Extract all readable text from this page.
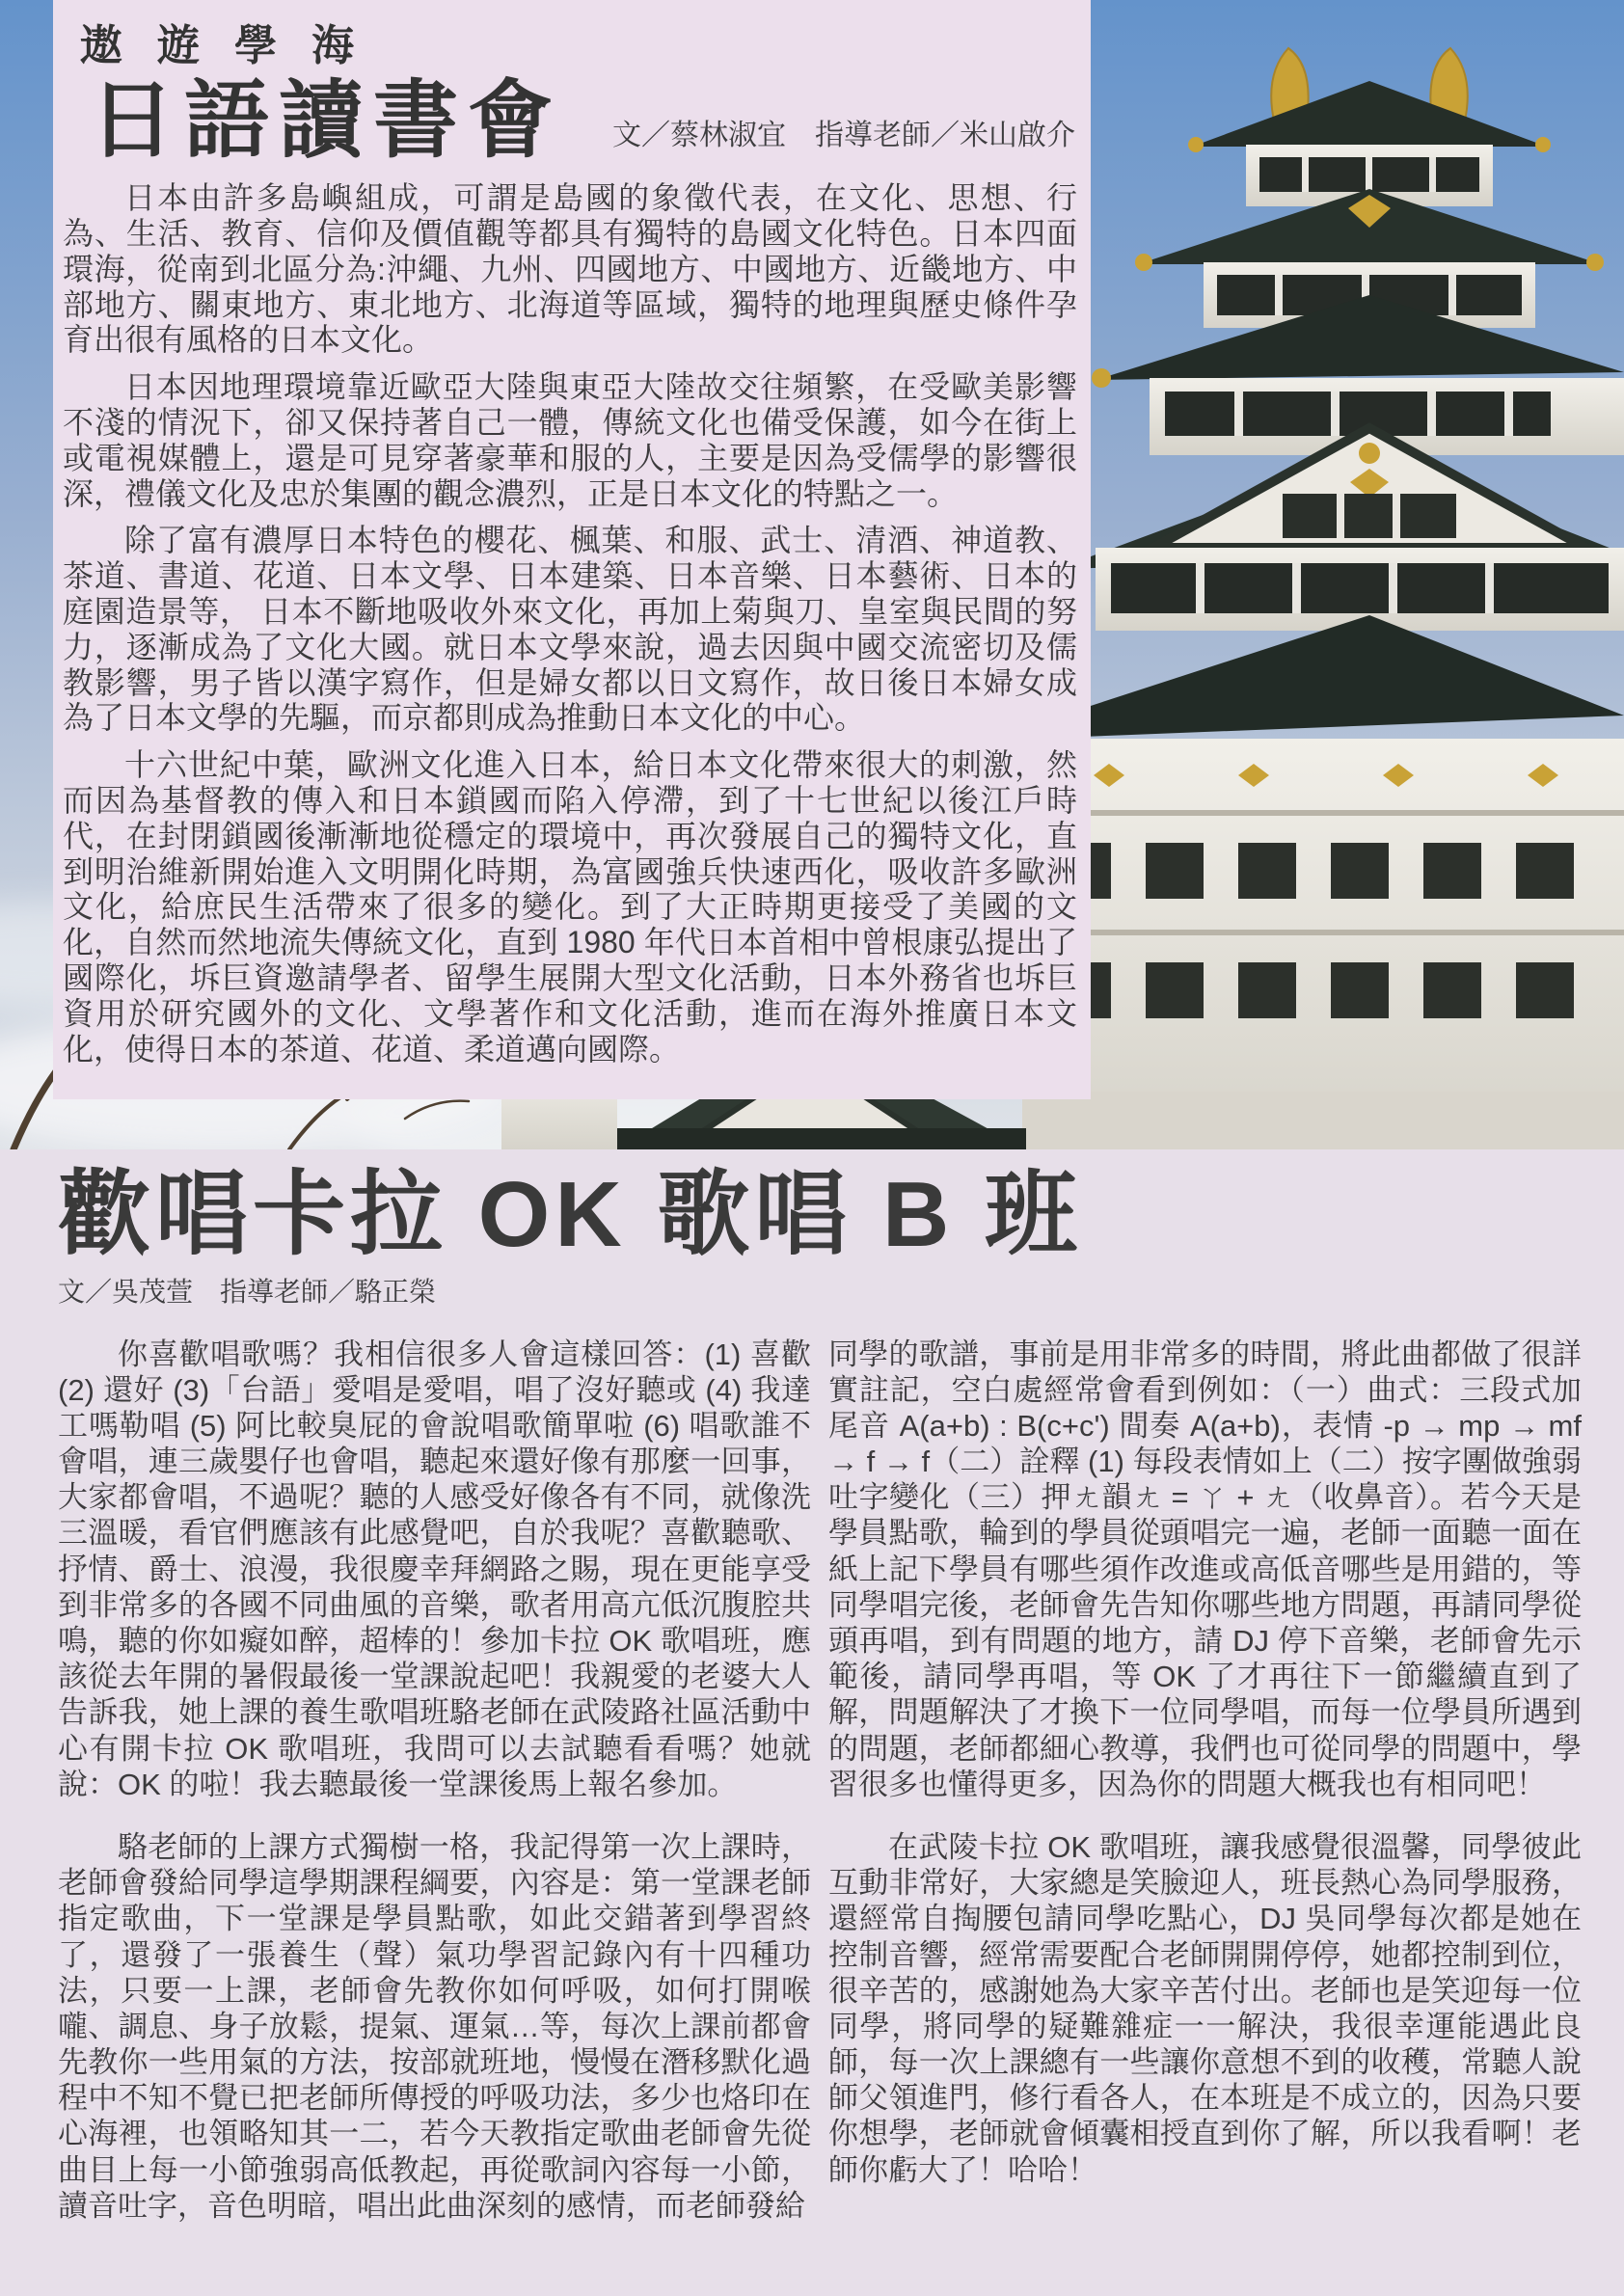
遨遊學海
日語讀書會 文／蔡林淑宜　指導老師／米山啟介

日本由許多島嶼組成，可謂是島國的象徵代表，在文化、思想、行為、生活、教育、信仰及價值觀等都具有獨特的島國文化特色。日本四面環海，從南到北區分為:沖繩、九州、四國地方、中國地方、近畿地方、中部地方、關東地方、東北地方、北海道等區域，獨特的地理與歷史條件孕育出很有風格的日本文化。

日本因地理環境靠近歐亞大陸與東亞大陸故交往頻繁，在受歐美影響不淺的情況下，卻又保持著自己一體，傳統文化也備受保護，如今在街上或電視媒體上，還是可見穿著豪華和服的人，主要是因為受儒學的影響很深，禮儀文化及忠於集團的觀念濃烈，正是日本文化的特點之一。

除了富有濃厚日本特色的櫻花、楓葉、和服、武士、清酒、神道教、茶道、書道、花道、日本文學、日本建築、日本音樂、日本藝術、日本的庭園造景等， 日本不斷地吸收外來文化，再加上菊與刀、皇室與民間的努力，逐漸成為了文化大國。就日本文學來說，過去因與中國交流密切及儒教影響，男子皆以漢字寫作，但是婦女都以日文寫作，故日後日本婦女成為了日本文學的先驅，而京都則成為推動日本文化的中心。

十六世紀中葉，歐洲文化進入日本，給日本文化帶來很大的刺激，然而因為基督教的傳入和日本鎖國而陷入停滯，到了十七世紀以後江戶時代，在封閉鎖國後漸漸地從穩定的環境中，再次發展自己的獨特文化，直到明治維新開始進入文明開化時期，為富國強兵快速西化，吸收許多歐洲文化，給庶民生活帶來了很多的變化。到了大正時期更接受了美國的文化，自然而然地流失傳統文化，直到 1980 年代日本首相中曾根康弘提出了國際化，坼巨資邀請學者、留學生展開大型文化活動，日本外務省也坼巨資用於研究國外的文化、文學著作和文化活動，進而在海外推廣日本文化，使得日本的茶道、花道、柔道邁向國際。

歡唱卡拉 OK 歌唱 B 班
文／吳茂萱　指導老師／駱正榮

你喜歡唱歌嗎？我相信很多人會這樣回答：(1) 喜歡 (2) 還好 (3)「台語」愛唱是愛唱，唱了沒好聽或 (4) 我達工嗎勒唱 (5) 阿比較臭屁的會說唱歌簡單啦 (6) 唱歌誰不會唱，連三歲嬰仔也會唱，聽起來還好像有那麼一回事，大家都會唱，不過呢？聽的人感受好像各有不同，就像洗三溫暖，看官們應該有此感覺吧，自於我呢？喜歡聽歌、抒情、爵士、浪漫，我很慶幸拜網路之賜，現在更能享受到非常多的各國不同曲風的音樂，歌者用高亢低沉腹腔共鳴，聽的你如癡如醉，超棒的！參加卡拉 OK 歌唱班，應該從去年開的暑假最後一堂課說起吧！我親愛的老婆大人告訴我，她上課的養生歌唱班駱老師在武陵路社區活動中心有開卡拉 OK 歌唱班，我問可以去試聽看看嗎？她就說：OK 的啦！我去聽最後一堂課後馬上報名參加。

駱老師的上課方式獨樹一格，我記得第一次上課時，老師會發給同學這學期課程綱要，內容是：第一堂課老師指定歌曲，下一堂課是學員點歌，如此交錯著到學習終了，還發了一張養生（聲）氣功學習記錄內有十四種功法，只要一上課，老師會先教你如何呼吸，如何打開喉嚨、調息、身子放鬆，提氣、運氣…等，每次上課前都會先教你一些用氣的方法，按部就班地，慢慢在潛移默化過程中不知不覺已把老師所傳授的呼吸功法，多少也烙印在心海裡，也領略知其一二，若今天教指定歌曲老師會先從曲目上每一小節強弱高低教起，再從歌詞內容每一小節，讀音吐字，音色明暗，唱出此曲深刻的感情，而老師發給

同學的歌譜，事前是用非常多的時間，將此曲都做了很詳實註記，空白處經常會看到例如：（一）曲式：三段式加尾音 A(a+b) : B(c+c') 間奏 A(a+b)，表情 -p → mp → mf → f → f（二）詮釋 (1) 每段表情如上（二）按字團做強弱吐字變化（三）押ㄤ韻ㄤ = ㄚ + ㄤ（收鼻音）。若今天是學員點歌，輪到的學員從頭唱完一遍，老師一面聽一面在紙上記下學員有哪些須作改進或高低音哪些是用錯的，等同學唱完後，老師會先告知你哪些地方問題，再請同學從頭再唱，到有問題的地方，請 DJ 停下音樂，老師會先示範後，請同學再唱，等 OK 了才再往下一節繼續直到了解，問題解決了才換下一位同學唱，而每一位學員所遇到的問題，老師都細心教導，我們也可從同學的問題中，學習很多也懂得更多，因為你的問題大概我也有相同吧！

在武陵卡拉 OK 歌唱班，讓我感覺很溫馨，同學彼此互動非常好，大家總是笑臉迎人，班長熱心為同學服務，還經常自掏腰包請同學吃點心，DJ 吳同學每次都是她在控制音響，經常需要配合老師開開停停，她都控制到位，很辛苦的，感謝她為大家辛苦付出。老師也是笑迎每一位同學，將同學的疑難雜症一一解決，我很幸運能遇此良師，每一次上課總有一些讓你意想不到的收穫，常聽人說師父領進門，修行看各人，在本班是不成立的，因為只要你想學，老師就會傾囊相授直到你了解，所以我看啊！老師你虧大了！哈哈！
